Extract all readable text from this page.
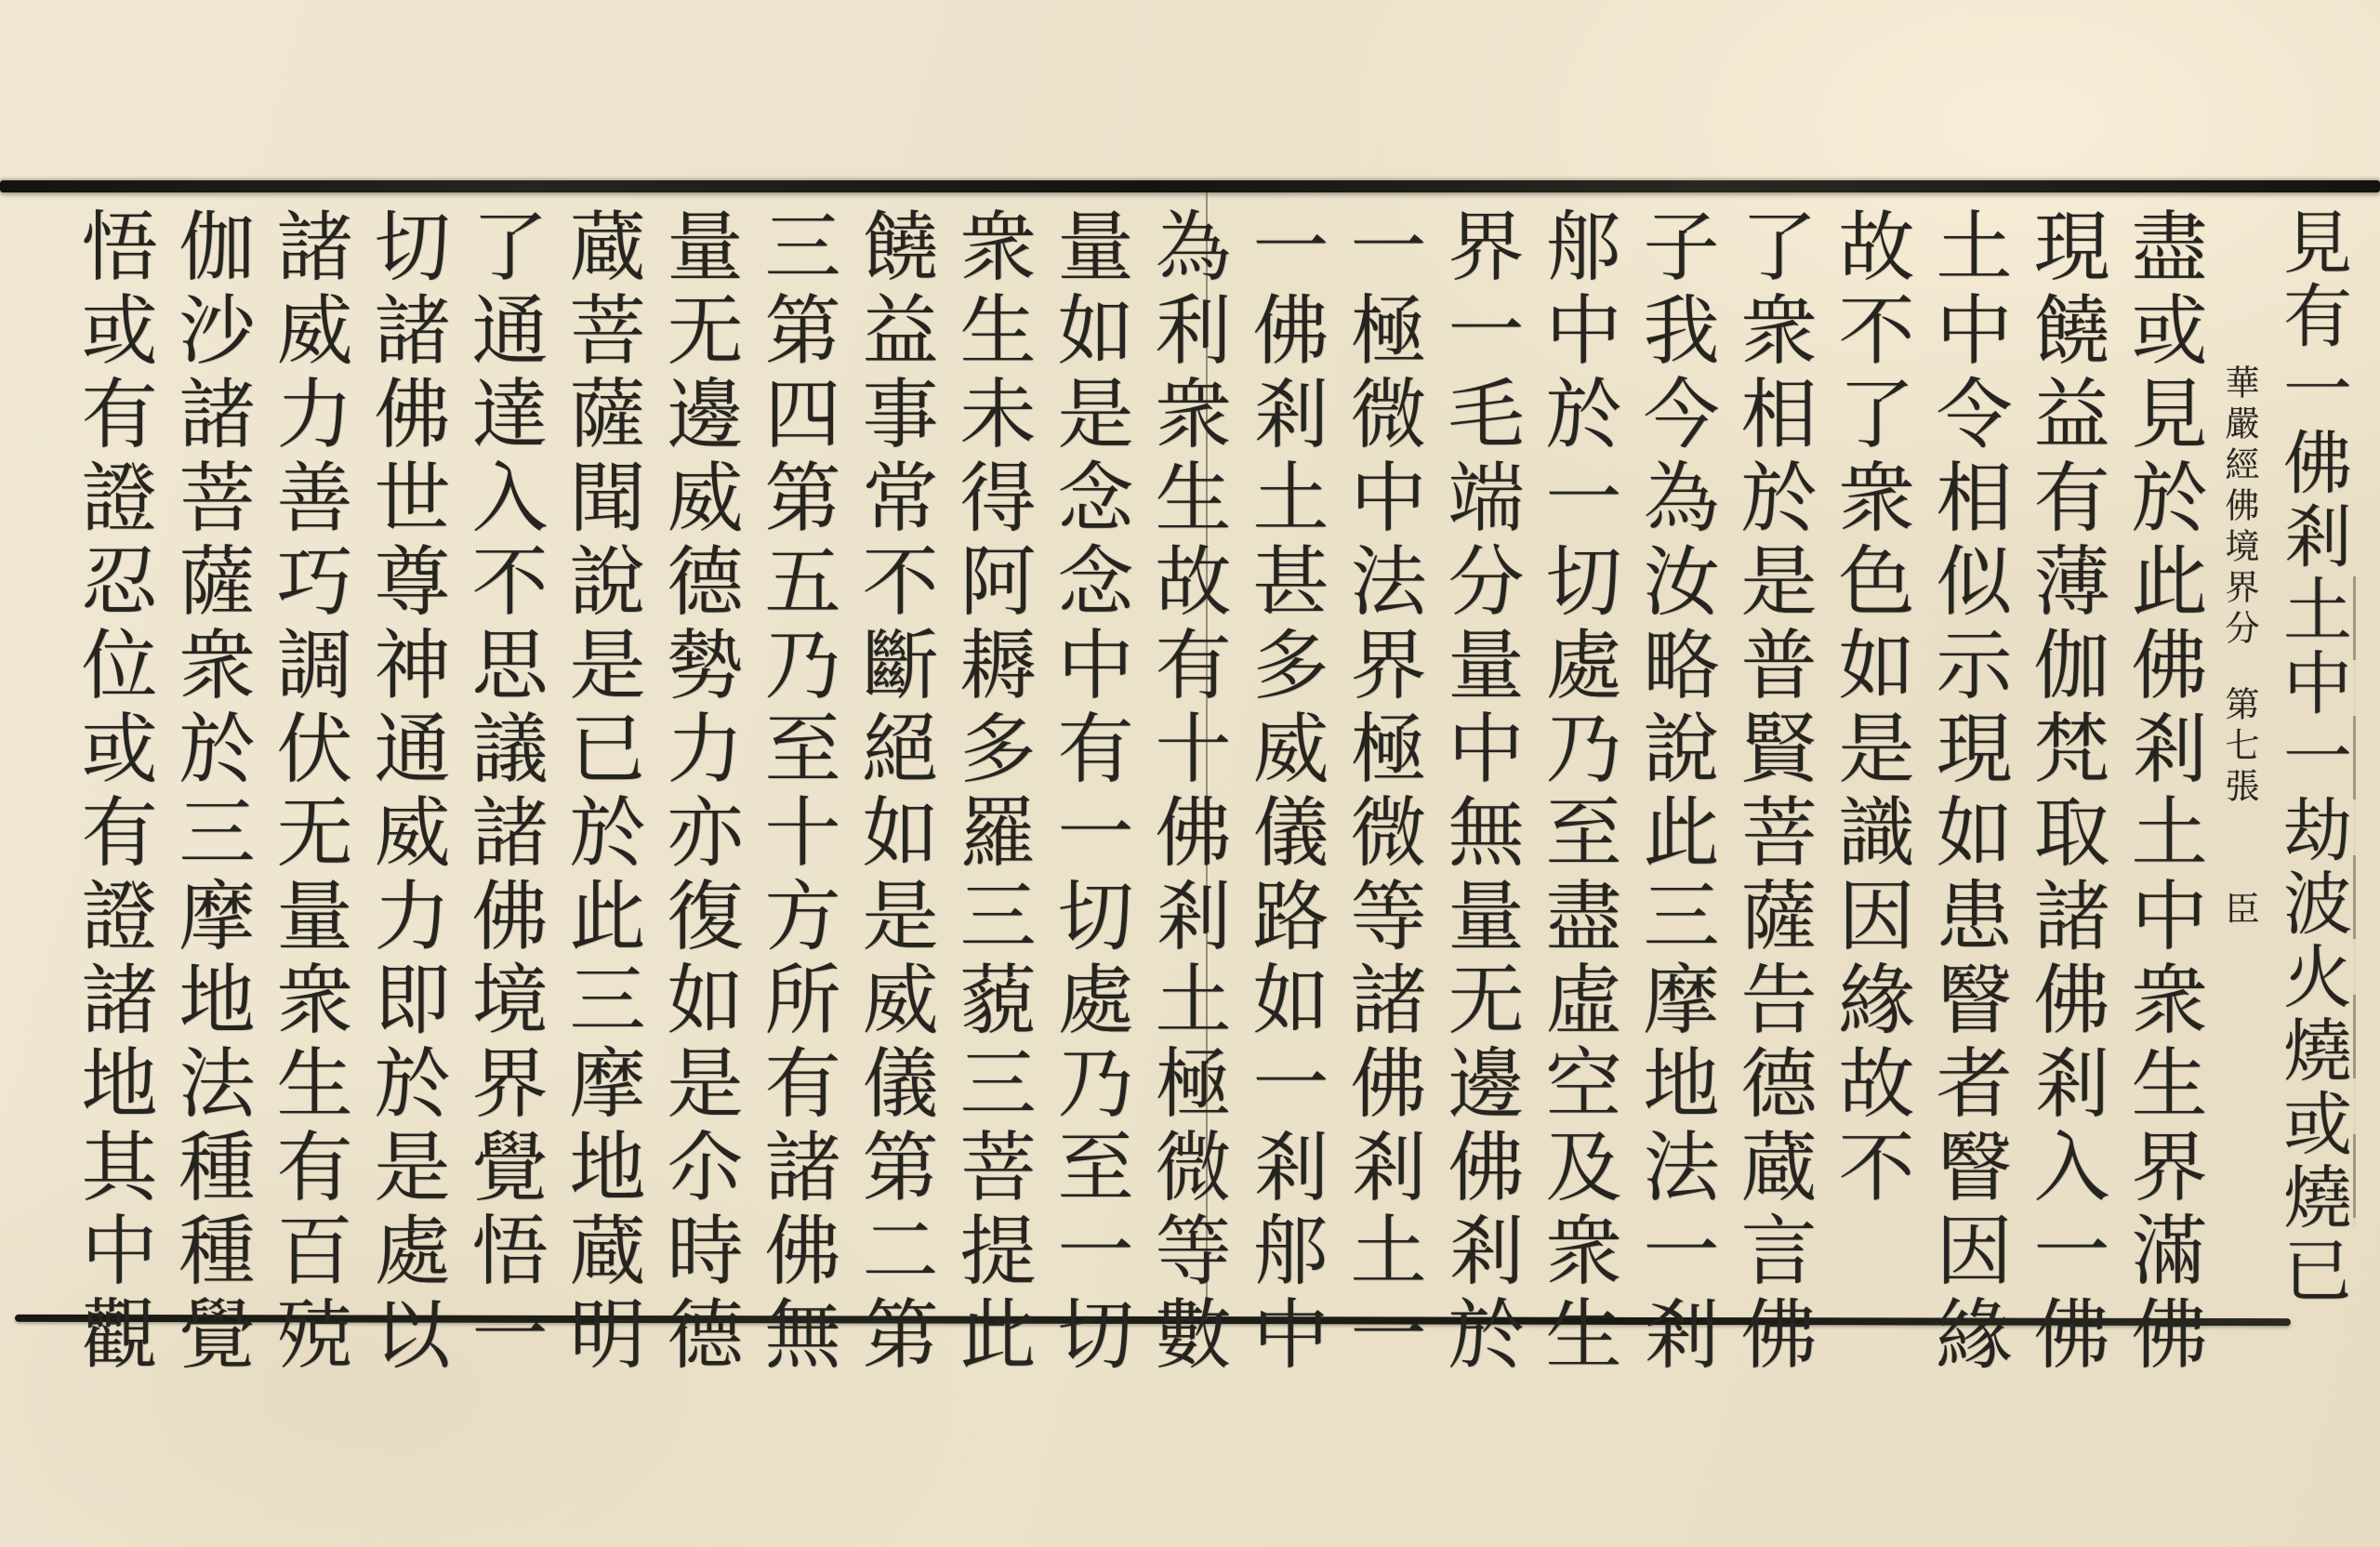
見有一佛剎土中一劫波火燒或燒已
華嚴經佛境界分第七張臣
盡或見於此佛剎土中衆生界滿佛
現饒益有薄伽梵取諸佛剎入一佛
土中令相似示現如患瞖者瞖因緣
故不了衆色如是識因緣故不
了衆相於是普賢菩薩告德蔵言佛
子我今為汝略說此三摩地法一剎
郍中於一切處乃至盡虛空及衆生
界一毛端分量中無量无邊佛剎於
一極微中法界極微等諸佛剎土一
一佛剎土甚多威儀路如一剎郍中
為利衆生故有十佛剎土極微等數
量如是念念中有一切處乃至一切
衆生未得阿耨多羅三藐三菩提此
饒益事常不斷絕如是威儀第二第
三第四第五乃至十方所有諸佛無
量无邊威德勢力亦復如是尒時德
蔵菩薩聞說是已於此三摩地蔵明
了通達入不思議諸佛境界覺悟一
切諸佛世尊神通威力即於是處以
諸威力善巧調伏无量衆生有百殑
伽沙諸菩薩衆於三摩地法種種覺
悟或有證忍位或有證諸地其中觀
